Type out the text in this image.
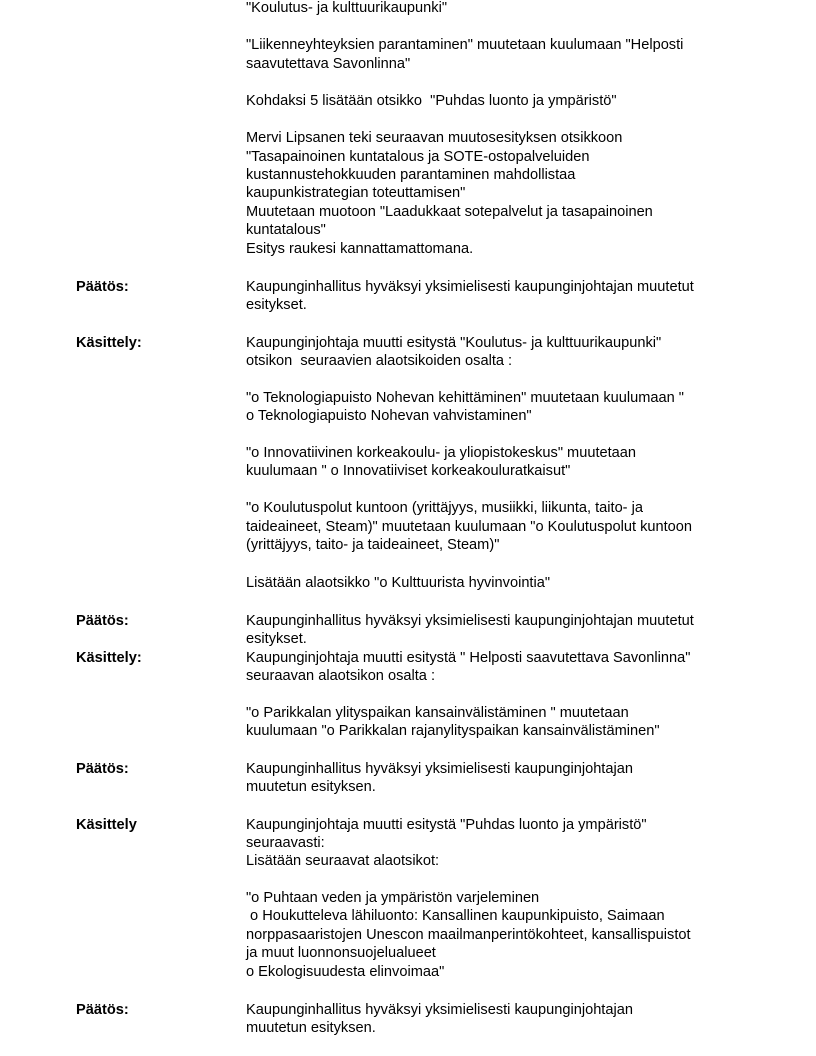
"Koulutus- ja kulttuurikaupunki"
"Liikenneyhteyksien parantaminen" muutetaan kuulumaan "Helposti
saavutettava Savonlinna"
Kohdaksi 5 lisätään otsikko  "Puhdas luonto ja ympäristö"
Mervi Lipsanen teki seuraavan muutosesityksen otsikkoon
"Tasapainoinen kuntatalous ja SOTE-ostopalveluiden
kustannustehokkuuden parantaminen mahdollistaa
kaupunkistrategian toteuttamisen"
Muutetaan muotoon "Laadukkaat sotepalvelut ja tasapainoinen
kuntatalous"
Esitys raukesi kannattamattomana.
Päätös:	Kaupunginhallitus hyväksyi yksimielisesti kaupunginjohtajan muutetut
esitykset.
Käsittely:	Kaupunginjohtaja muutti esitystä "Koulutus- ja kulttuurikaupunki"
otsikon  seuraavien alaotsikoiden osalta :
"o Teknologiapuisto Nohevan kehittäminen" muutetaan kuulumaan "
o Teknologiapuisto Nohevan vahvistaminen"
"o Innovatiivinen korkeakoulu- ja yliopistokeskus" muutetaan
kuulumaan " o Innovatiiviset korkeakouluratkaisut"
"o Koulutuspolut kuntoon (yrittäjyys, musiikki, liikunta, taito- ja
taideaineet, Steam)" muutetaan kuulumaan "o Koulutuspolut kuntoon
(yrittäjyys, taito- ja taideaineet, Steam)"
Lisätään alaotsikko "o Kulttuurista hyvinvointia"
Päätös:	Kaupunginhallitus hyväksyi yksimielisesti kaupunginjohtajan muutetut
esitykset.
Käsittely:	Kaupunginjohtaja muutti esitystä " Helposti saavutettava Savonlinna"
seuraavan alaotsikon osalta :
"o Parikkalan ylityspaikan kansainvälistäminen " muutetaan
kuulumaan "o Parikkalan rajanylityspaikan kansainvälistäminen"
Päätös:	Kaupunginhallitus hyväksyi yksimielisesti kaupunginjohtajan
muutetun esityksen.
Käsittely	Kaupunginjohtaja muutti esitystä "Puhdas luonto ja ympäristö"
seuraavasti:
Lisätään seuraavat alaotsikot:
"o Puhtaan veden ja ympäristön varjeleminen
o Houkutteleva lähiluonto: Kansallinen kaupunkipuisto, Saimaan
norppasaaristojen Unescon maailmanperintökohteet, kansallispuistot
ja muut luonnonsuojelualueet
o Ekologisuudesta elinvoimaa"
Päätös:	Kaupunginhallitus hyväksyi yksimielisesti kaupunginjohtajan
muutetun esityksen.
